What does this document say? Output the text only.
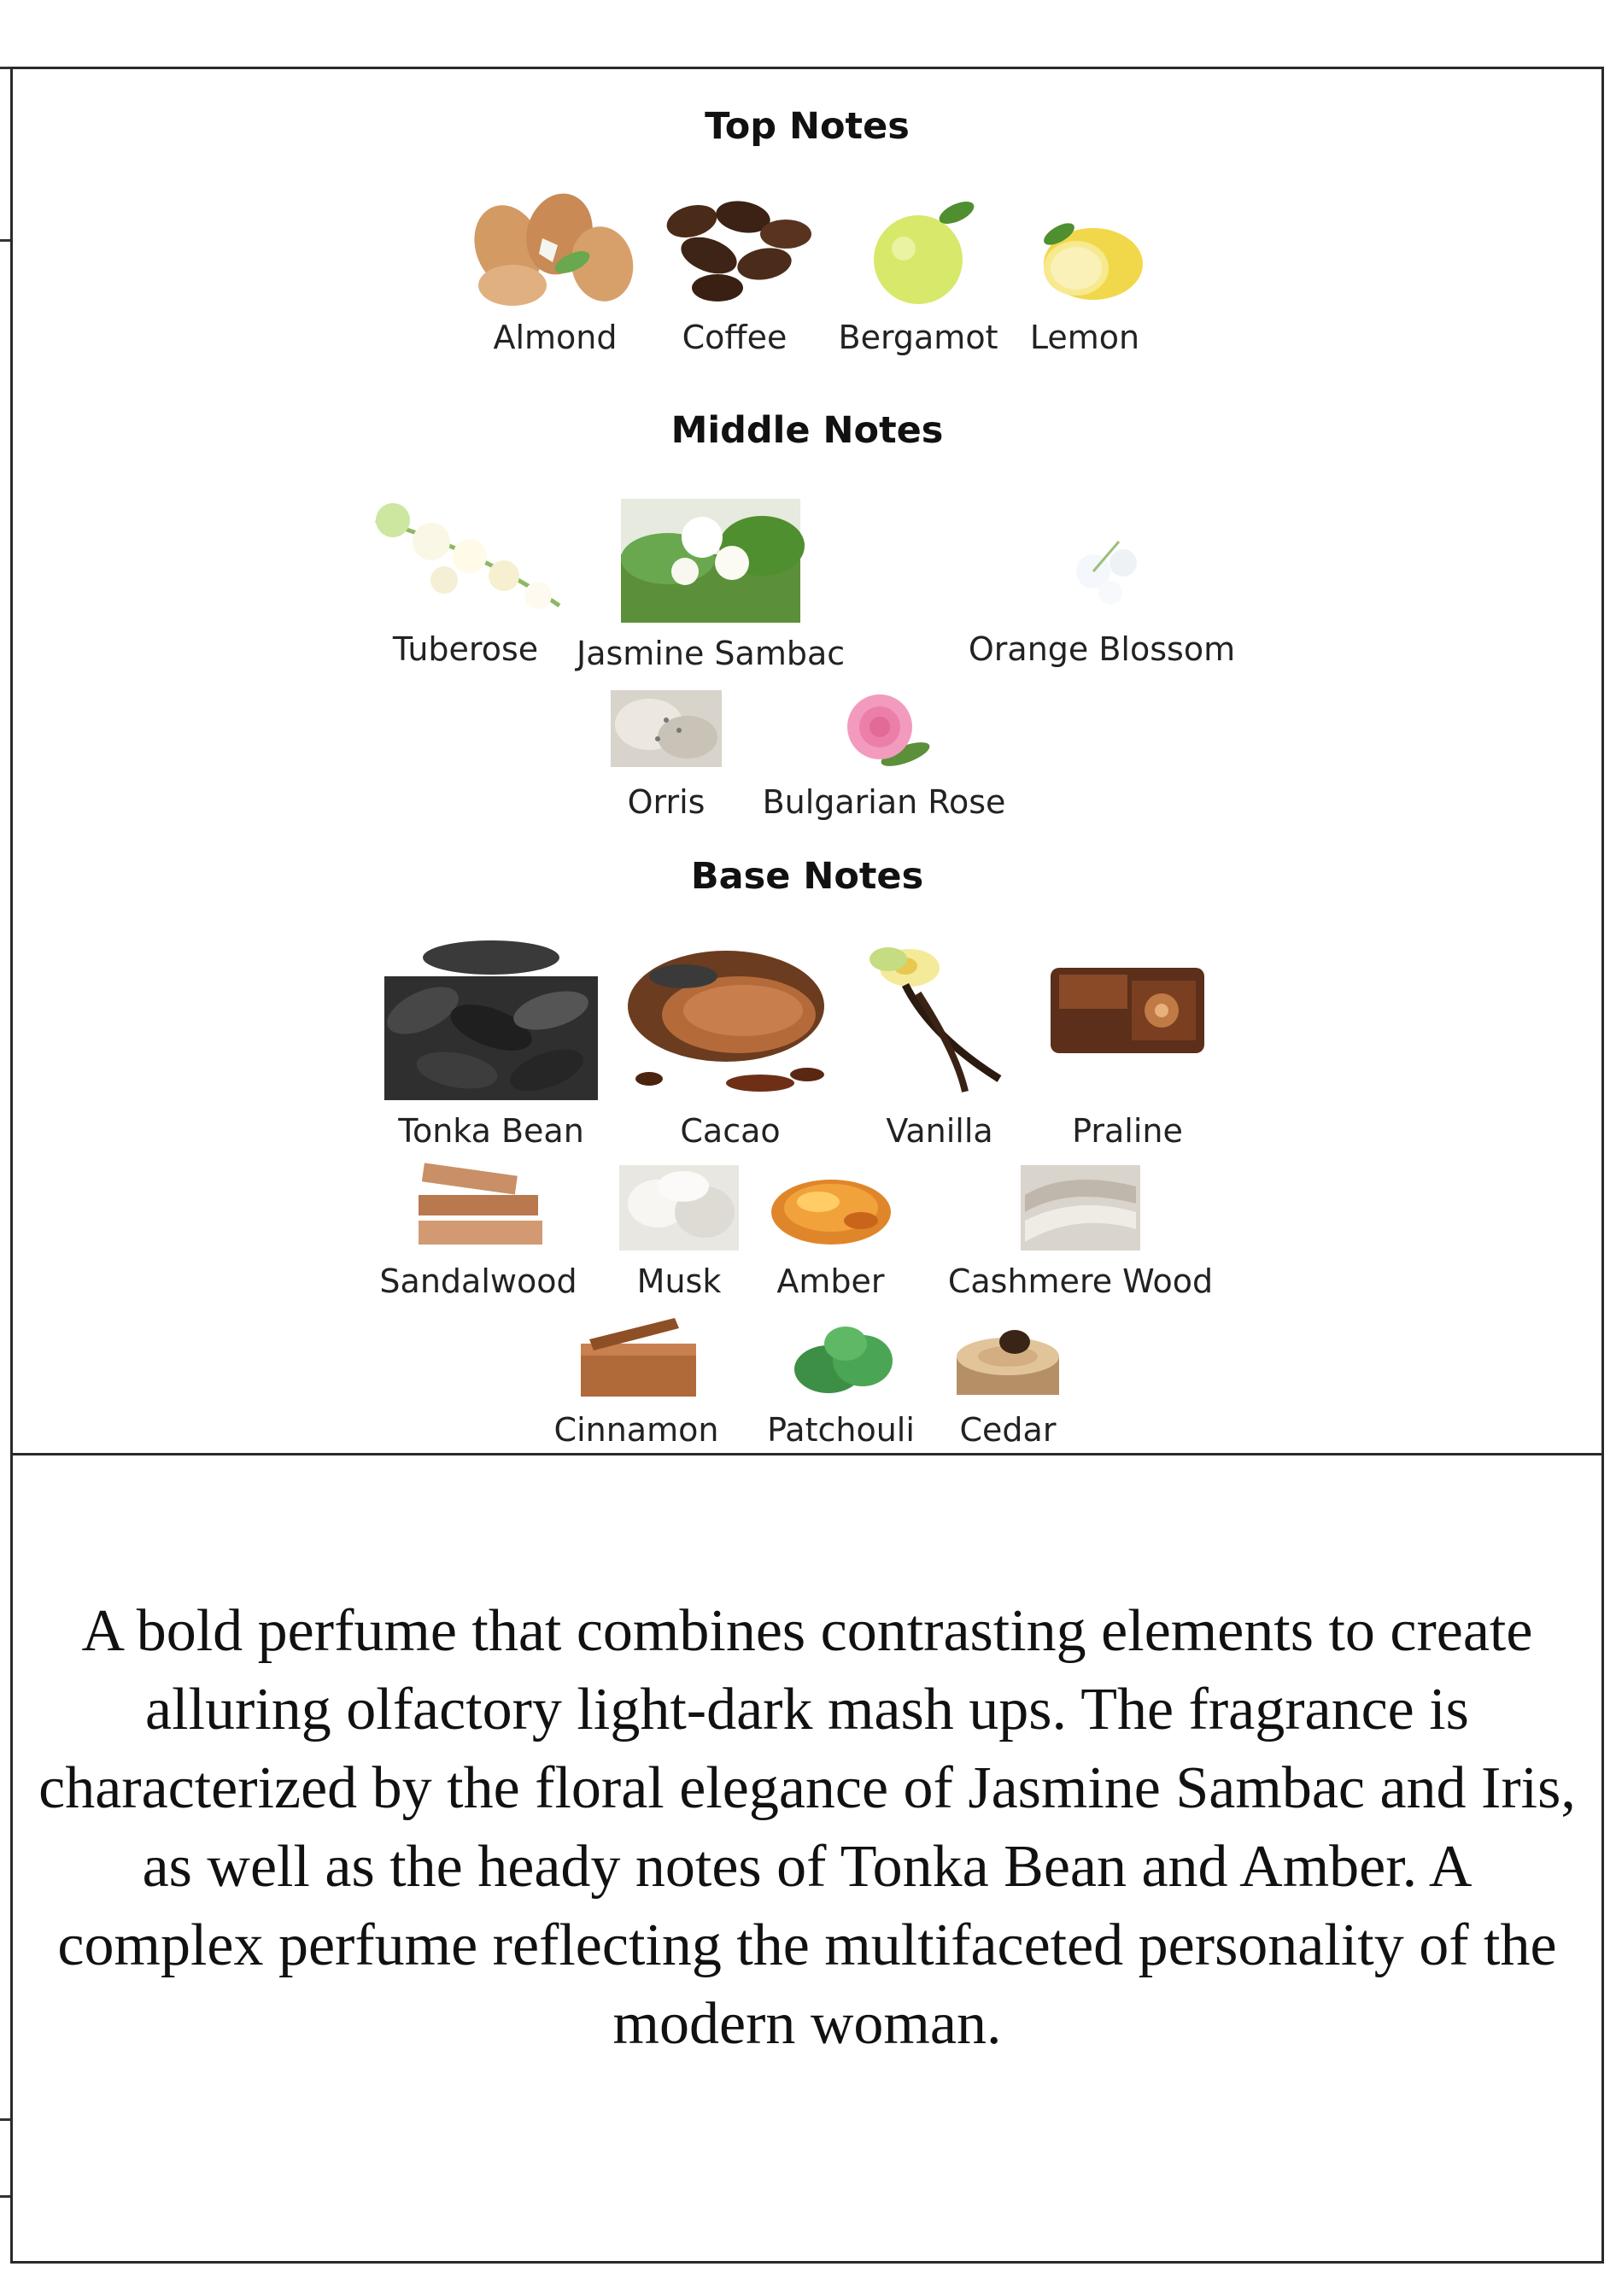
Top Notes
Almond Coffee Bergamot Lemon
Middle Notes
Tuberose Jasmine Sambac	Orange Blossom
Orris Bulgarian Rose
Base Notes
Tonka Bean	Cacao	Vanilla Praline
Sandalwood Musk Amber Cashmere Wood
Cinnamon Patchouli Cedar
A bold perfume that combines contrasting elements to create alluring olfactory light-dark mash ups. The fragrance is characterized by the floral elegance of Jasmine Sambac and Iris, as well as the heady notes of Tonka Bean and Amber. A complex perfume reflecting the multifaceted personality of the modern woman.
